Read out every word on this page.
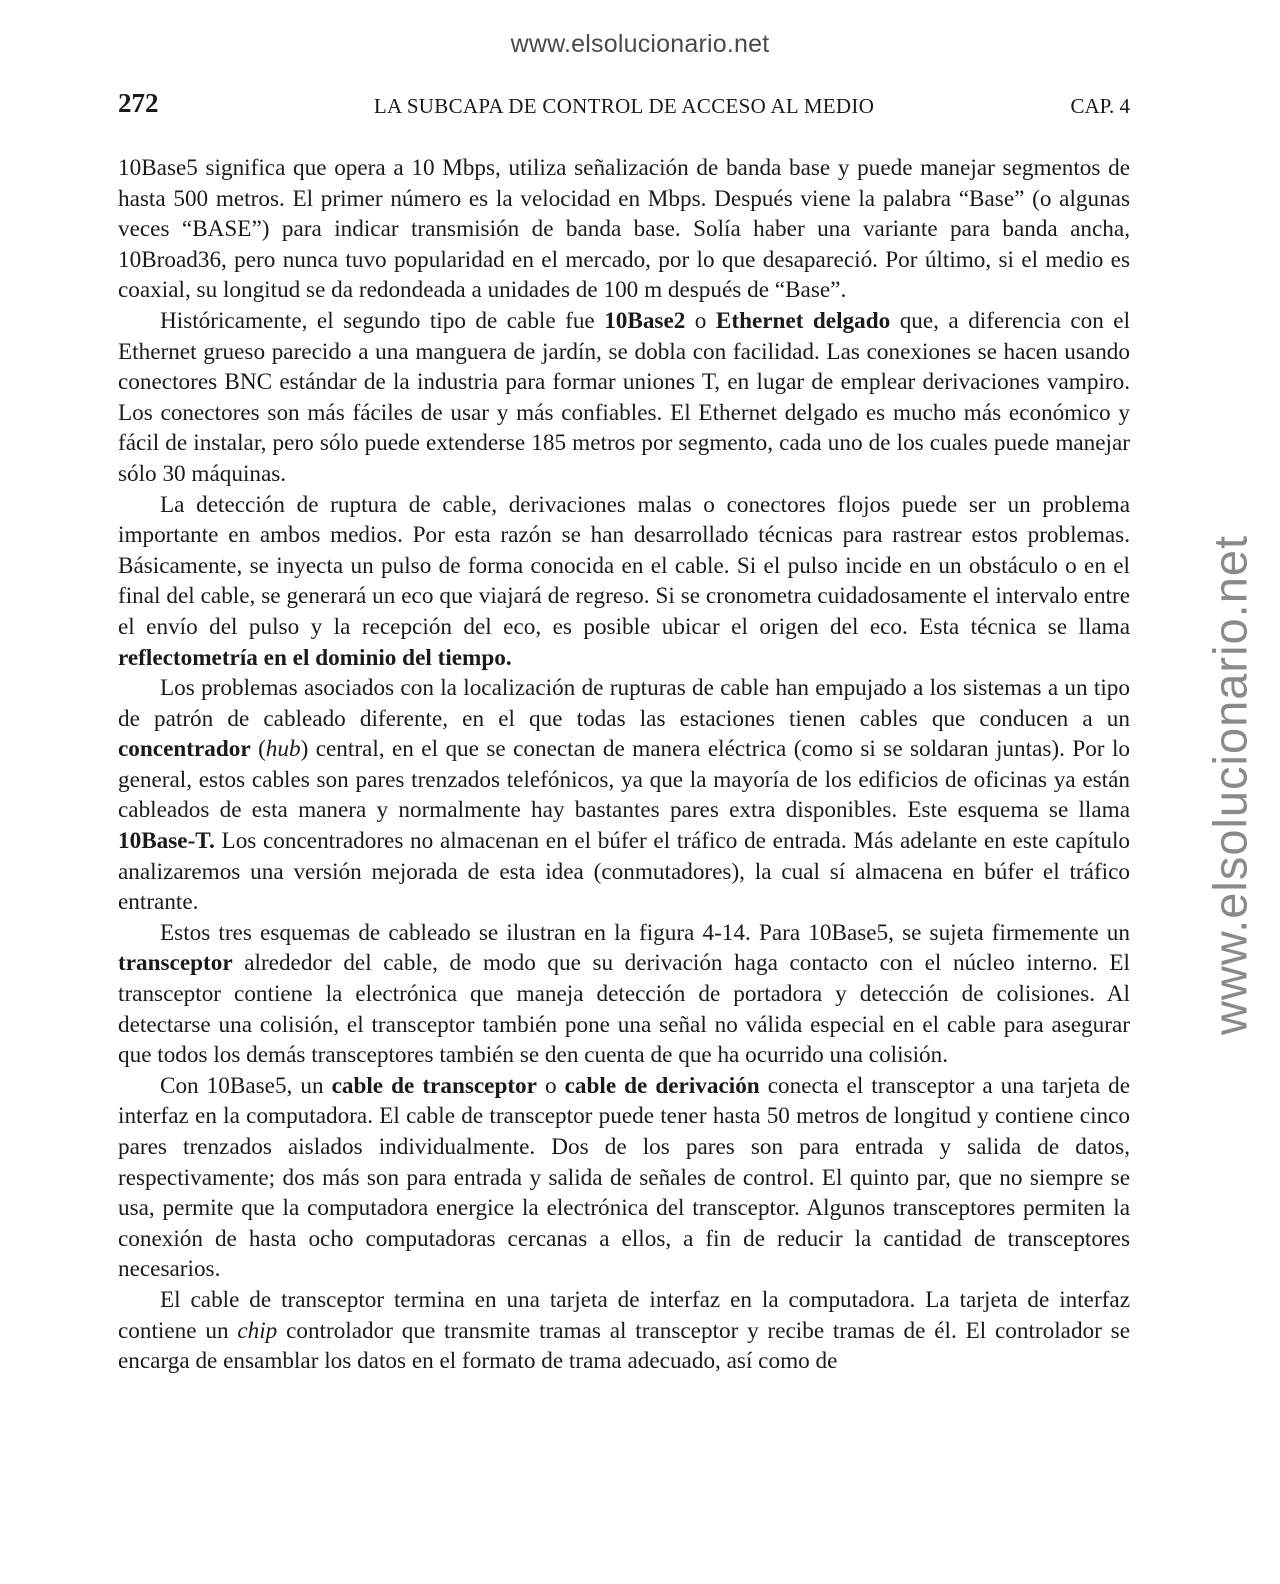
www.elsolucionario.net
www.elsolucionario.net
272	LA SUBCAPA DE CONTROL DE ACCESO AL MEDIO	CAP. 4

10Base5 significa que opera a 10 Mbps, utiliza señalización de banda base y puede manejar segmentos de hasta 500 metros. El primer número es la velocidad en Mbps. Después viene la palabra “Base” (o algunas veces “BASE”) para indicar transmisión de banda base. Solía haber una variante para banda ancha, 10Broad36, pero nunca tuvo popularidad en el mercado, por lo que desapareció. Por último, si el medio es coaxial, su longitud se da redondeada a unidades de 100 m después de “Base”.

Históricamente, el segundo tipo de cable fue 10Base2 o Ethernet delgado que, a diferencia con el Ethernet grueso parecido a una manguera de jardín, se dobla con facilidad. Las conexiones se hacen usando conectores BNC estándar de la industria para formar uniones T, en lugar de emplear derivaciones vampiro. Los conectores son más fáciles de usar y más confiables. El Ethernet delgado es mucho más económico y fácil de instalar, pero sólo puede extenderse 185 metros por segmento, cada uno de los cuales puede manejar sólo 30 máquinas.

La detección de ruptura de cable, derivaciones malas o conectores flojos puede ser un problema importante en ambos medios. Por esta razón se han desarrollado técnicas para rastrear estos problemas. Básicamente, se inyecta un pulso de forma conocida en el cable. Si el pulso incide en un obstáculo o en el final del cable, se generará un eco que viajará de regreso. Si se cronometra cuidadosamente el intervalo entre el envío del pulso y la recepción del eco, es posible ubicar el origen del eco. Esta técnica se llama reflectometría en el dominio del tiempo.

Los problemas asociados con la localización de rupturas de cable han empujado a los sistemas a un tipo de patrón de cableado diferente, en el que todas las estaciones tienen cables que conducen a un concentrador (hub) central, en el que se conectan de manera eléctrica (como si se soldaran juntas). Por lo general, estos cables son pares trenzados telefónicos, ya que la mayoría de los edificios de oficinas ya están cableados de esta manera y normalmente hay bastantes pares extra disponibles. Este esquema se llama 10Base-T. Los concentradores no almacenan en el búfer el tráfico de entrada. Más adelante en este capítulo analizaremos una versión mejorada de esta idea (conmutadores), la cual sí almacena en búfer el tráfico entrante.

Estos tres esquemas de cableado se ilustran en la figura 4-14. Para 10Base5, se sujeta firmemente un transceptor alrededor del cable, de modo que su derivación haga contacto con el núcleo interno. El transceptor contiene la electrónica que maneja detección de portadora y detección de colisiones. Al detectarse una colisión, el transceptor también pone una señal no válida especial en el cable para asegurar que todos los demás transceptores también se den cuenta de que ha ocurrido una colisión.

Con 10Base5, un cable de transceptor o cable de derivación conecta el transceptor a una tarjeta de interfaz en la computadora. El cable de transceptor puede tener hasta 50 metros de longitud y contiene cinco pares trenzados aislados individualmente. Dos de los pares son para entrada y salida de datos, respectivamente; dos más son para entrada y salida de señales de control. El quinto par, que no siempre se usa, permite que la computadora energice la electrónica del transceptor. Algunos transceptores permiten la conexión de hasta ocho computadoras cercanas a ellos, a fin de reducir la cantidad de transceptores necesarios.

El cable de transceptor termina en una tarjeta de interfaz en la computadora. La tarjeta de interfaz contiene un chip controlador que transmite tramas al transceptor y recibe tramas de él. El controlador se encarga de ensamblar los datos en el formato de trama adecuado, así como de
